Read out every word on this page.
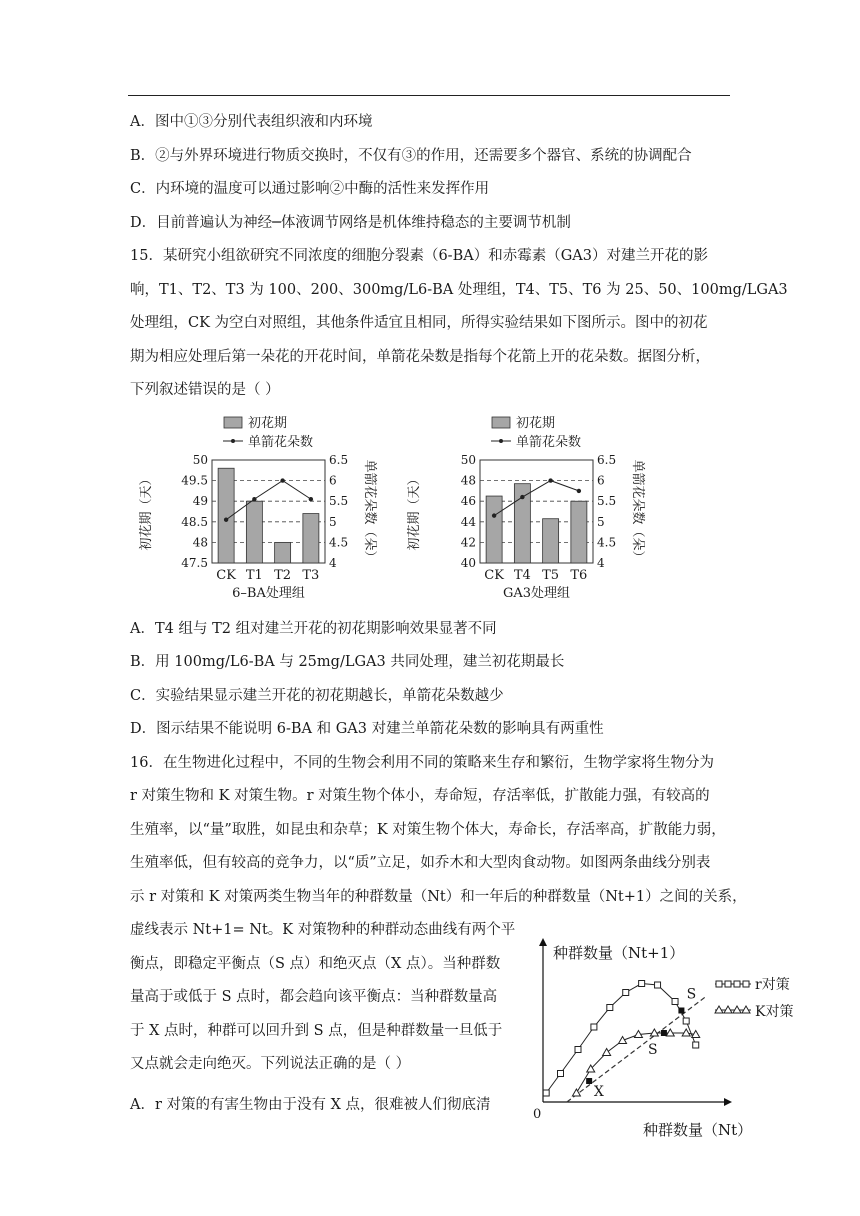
A．图中①③分别代表组织液和内环境
B．②与外界环境进行物质交换时，不仅有③的作用，还需要多个器官、系统的协调配合
C．内环境的温度可以通过影响②中酶的活性来发挥作用
D．目前普遍认为神经─体液调节网络是机体维持稳态的主要调节机制
15．某研究小组欲研究不同浓度的细胞分裂素（6-BA）和赤霉素（GA3）对建兰开花的影
响，T1、T2、T3 为 100、200、300mg/L6-BA 处理组，T4、T5、T6 为 25、50、100mg/LGA3
处理组，CK 为空白对照组，其他条件适宜且相同，所得实验结果如下图所示。图中的初花
期为相应处理后第一朵花的开花时间，单箭花朵数是指每个花箭上开的花朵数。据图分析，
下列叙述错误的是（ ）
初花期
单箭花朵数
47.5
48
48.5
49
49.5
50
4
4.5
5
5.5
6
6.5
初花期（天）	单箭花朵数（朵）
CK T1 T2 T3
6–BA处理组
初花期
单箭花朵数
40
42
44
46
48
50
4
4.5
5
5.5
6
6.5
初花期（天）	单箭花朵数（朵）
CK T4 T5 T6
GA3处理组
A．T4 组与 T2 组对建兰开花的初花期影响效果显著不同
B．用 100mg/L6-BA 与 25mg/LGA3 共同处理，建兰初花期最长
C．实验结果显示建兰开花的初花期越长，单箭花朵数越少
D．图示结果不能说明 6-BA 和 GA3 对建兰单箭花朵数的影响具有两重性
16．在生物进化过程中，不同的生物会利用不同的策略来生存和繁衍，生物学家将生物分为
r 对策生物和 K 对策生物。r 对策生物个体小，寿命短，存活率低，扩散能力强，有较高的
生殖率，以“量”取胜，如昆虫和杂草；K 对策生物个体大，寿命长，存活率高，扩散能力弱，
生殖率低，但有较高的竞争力，以“质”立足，如乔木和大型肉食动物。如图两条曲线分别表
示 r 对策和 K 对策两类生物当年的种群数量（Nt）和一年后的种群数量（Nt+1）之间的关系，
虚线表示 Nt+1= Nt。K 对策物种的种群动态曲线有两个平
衡点，即稳定平衡点（S 点）和绝灭点（X 点）。当种群数
量高于或低于 S 点时，都会趋向该平衡点：当种群数量高
于 X 点时，种群可以回升到 S 点，但是种群数量一旦低于
又点就会走向绝灭。下列说法正确的是（ ）
A．r 对策的有害生物由于没有 X 点，很难被人们彻底清
0
种群数量（Nt+1）
种群数量（Nt）
S
S
X
r对策
K对策
